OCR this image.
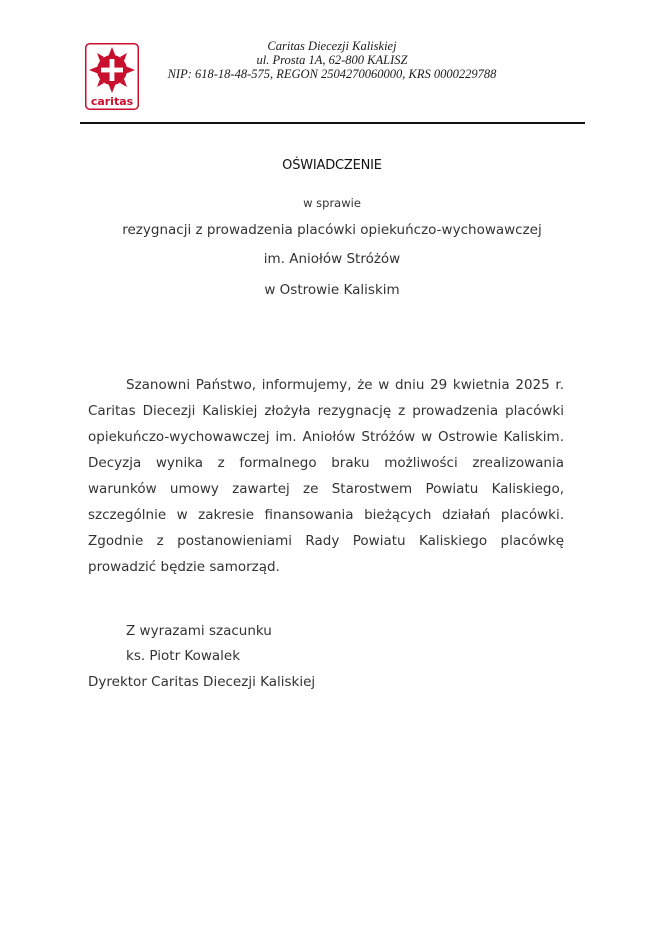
caritas
Caritas Diecezji Kaliskiej
ul. Prosta 1A, 62-800 KALISZ
NIP: 618-18-48-575, REGON 2504270060000, KRS 0000229788
OŚWIADCZENIE
w sprawie
rezygnacji z prowadzenia placówki opiekuńczo-wychowawczej
im. Aniołów Stróżów
w Ostrowie Kaliskim
Szanowni Państwo, informujemy, że w dniu 29 kwietnia 2025 r. Caritas Diecezji Kaliskiej złożyła rezygnację z prowadzenia placówki opiekuńczo-wychowawczej im. Aniołów Stróżów w Ostrowie Kaliskim. Decyzja wynika z formalnego braku możliwości zrealizowania warunków umowy zawartej ze Starostwem Powiatu Kaliskiego, szczególnie w zakresie finansowania bieżących działań placówki. Zgodnie z postanowieniami Rady Powiatu Kaliskiego placówkę prowadzić będzie samorząd.
Z wyrazami szacunku
ks. Piotr Kowalek
Dyrektor Caritas Diecezji Kaliskiej
